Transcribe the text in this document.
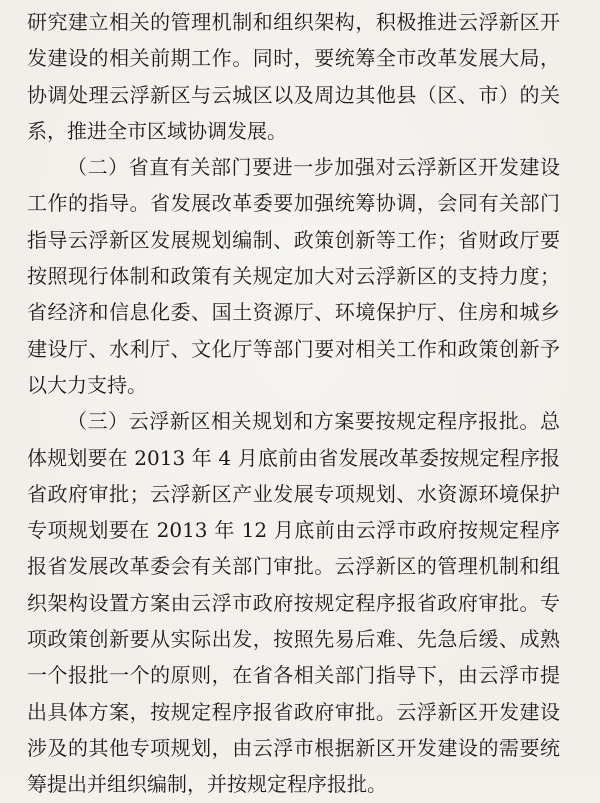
研究建立相关的管理机制和组织架构，积极推进云浮新区开发建设的相关前期工作。同时，要统筹全市改革发展大局，协调处理云浮新区与云城区以及周边其他县（区、市）的关系，推进全市区域协调发展。

（二）省直有关部门要进一步加强对云浮新区开发建设工作的指导。省发展改革委要加强统筹协调，会同有关部门指导云浮新区发展规划编制、政策创新等工作；省财政厅要按照现行体制和政策有关规定加大对云浮新区的支持力度；省经济和信息化委、国土资源厅、环境保护厅、住房和城乡建设厅、水利厅、文化厅等部门要对相关工作和政策创新予以大力支持。

（三）云浮新区相关规划和方案要按规定程序报批。总体规划要在 2013 年 4 月底前由省发展改革委按规定程序报省政府审批；云浮新区产业发展专项规划、水资源环境保护专项规划要在 2013 年 12 月底前由云浮市政府按规定程序报省发展改革委会有关部门审批。云浮新区的管理机制和组织架构设置方案由云浮市政府按规定程序报省政府审批。专项政策创新要从实际出发，按照先易后难、先急后缓、成熟一个报批一个的原则，在省各相关部门指导下，由云浮市提出具体方案，按规定程序报省政府审批。云浮新区开发建设涉及的其他专项规划，由云浮市根据新区开发建设的需要统筹提出并组织编制，并按规定程序报批。
